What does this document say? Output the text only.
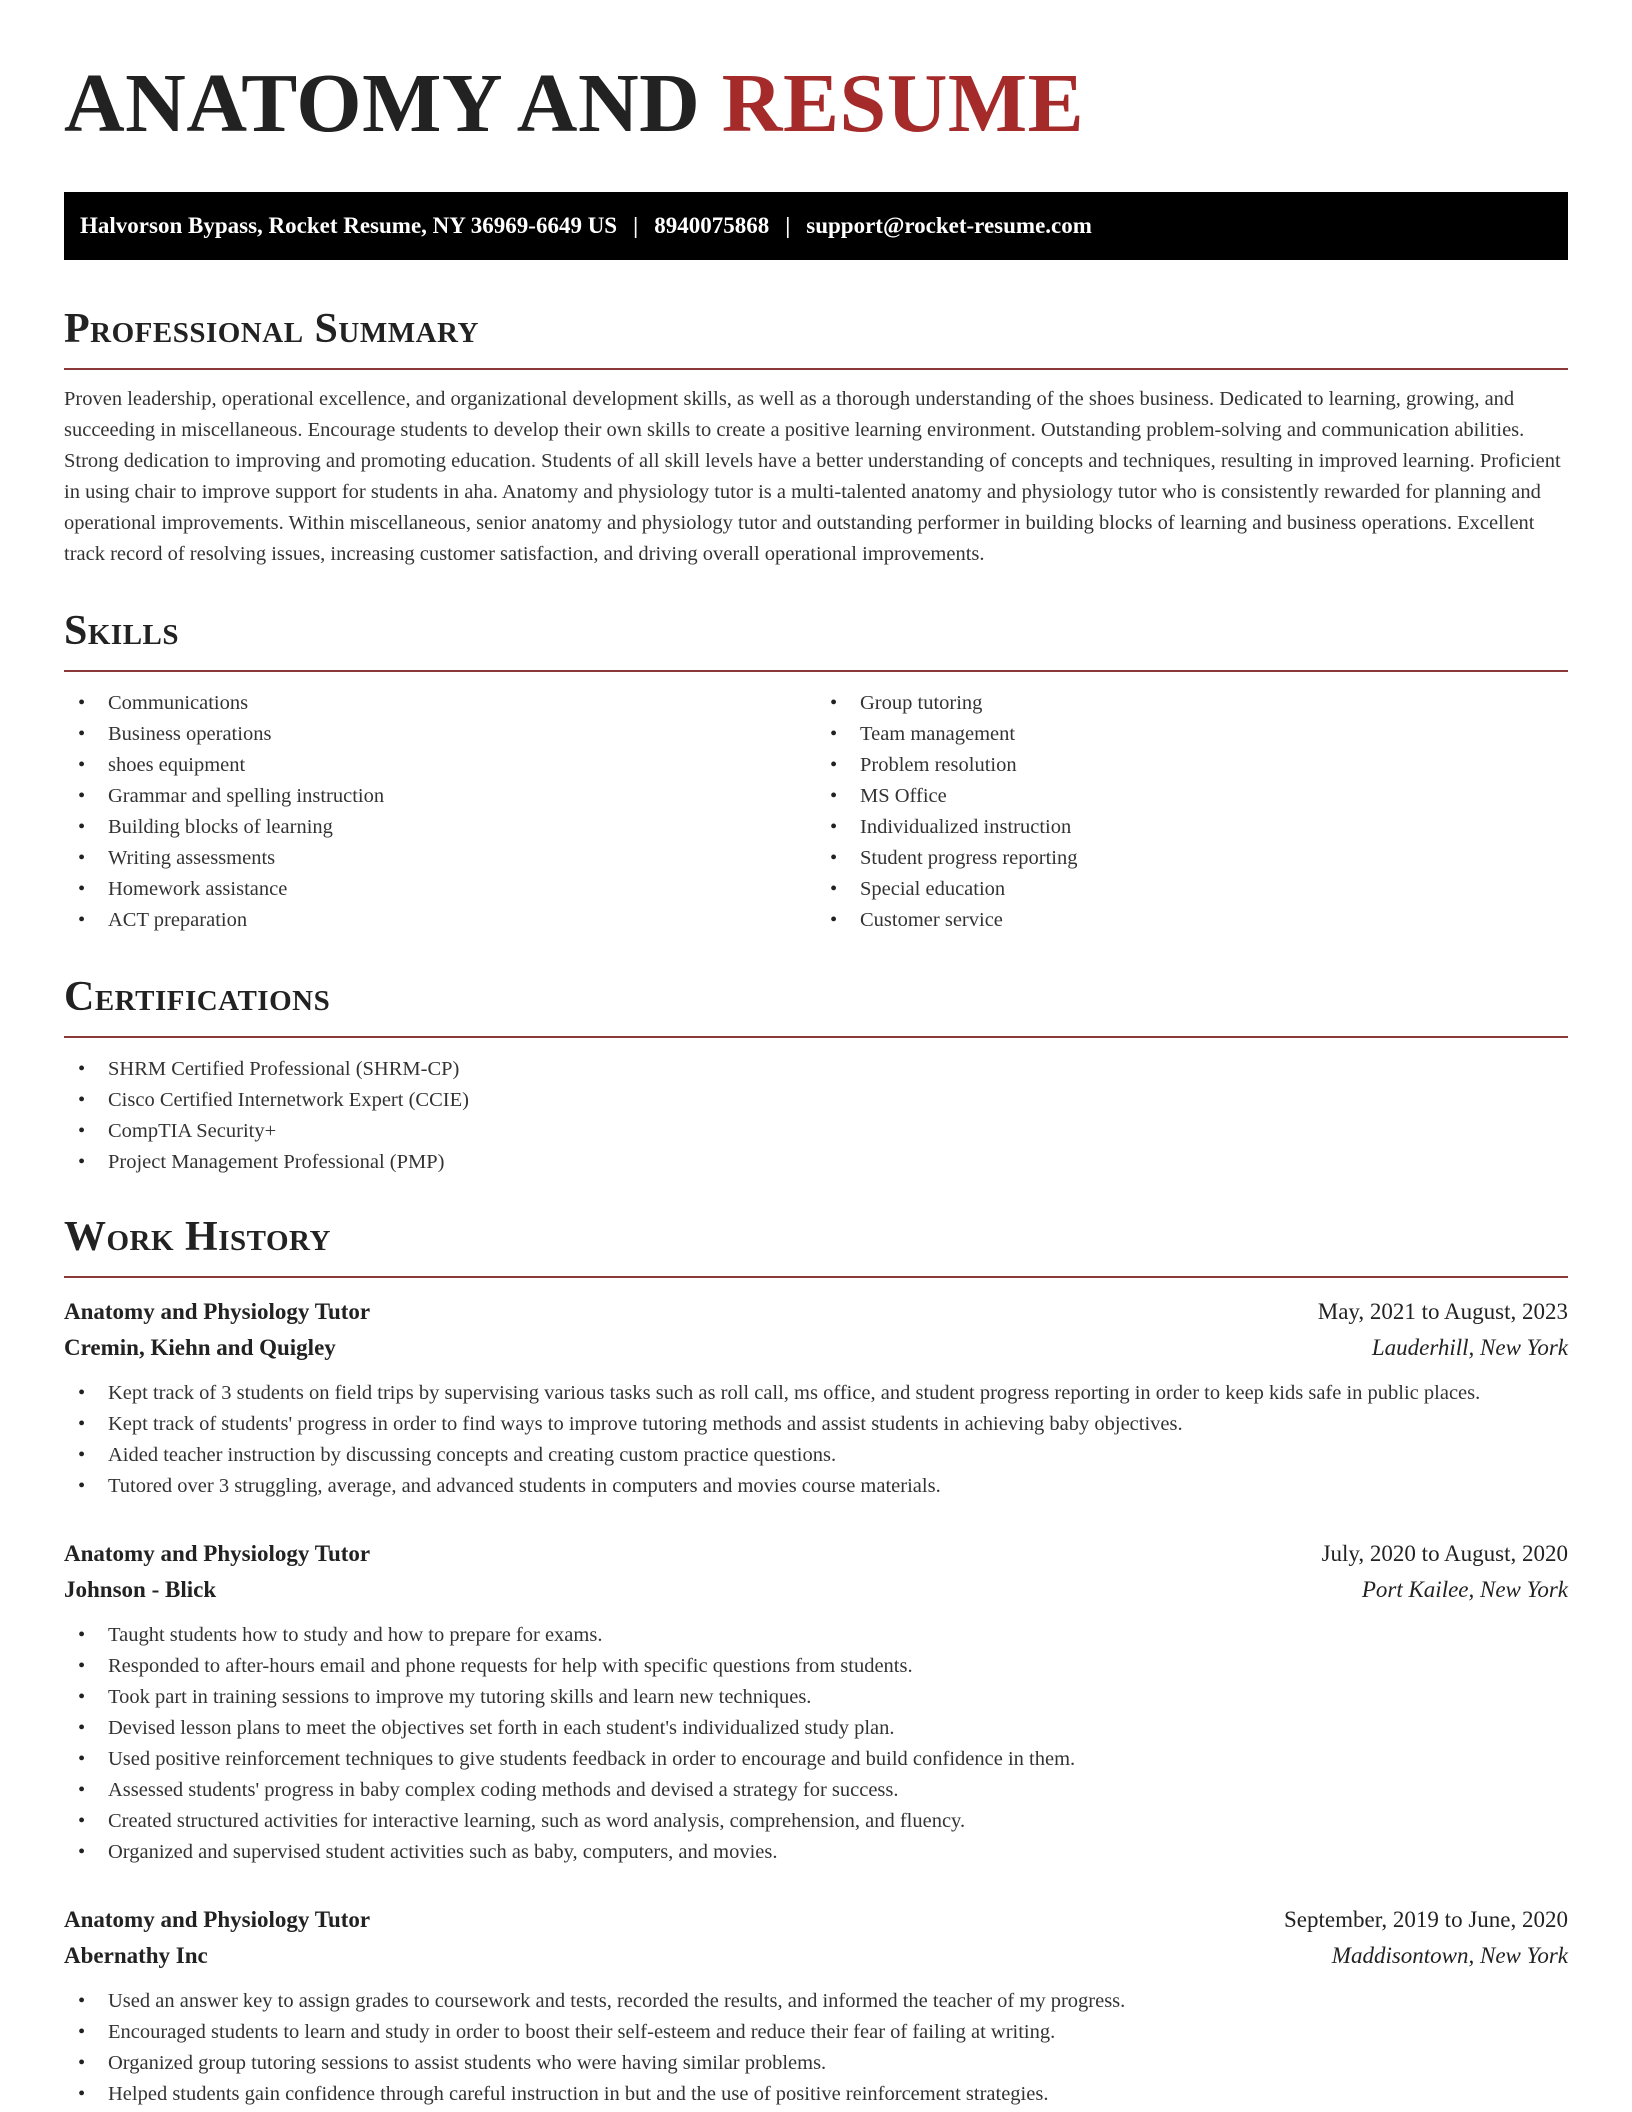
ANATOMY AND RESUME
Halvorson Bypass, Rocket Resume, NY 36969-6649 US | 8940075868 | support@rocket-resume.com
Professional Summary

Proven leadership, operational excellence, and organizational development skills, as well as a thorough understanding of the shoes business. Dedicated to learning, growing, and succeeding in miscellaneous. Encourage students to develop their own skills to create a positive learning environment. Outstanding problem-solving and communication abilities. Strong dedication to improving and promoting education. Students of all skill levels have a better understanding of concepts and techniques, resulting in improved learning. Proficient in using chair to improve support for students in aha. Anatomy and physiology tutor is a multi-talented anatomy and physiology tutor who is consistently rewarded for planning and operational improvements. Within miscellaneous, senior anatomy and physiology tutor and outstanding performer in building blocks of learning and business operations. Excellent track record of resolving issues, increasing customer satisfaction, and driving overall operational improvements.

Skills
• Communications
• Business operations
• shoes equipment
• Grammar and spelling instruction
• Building blocks of learning
• Writing assessments
• Homework assistance
• ACT preparation
• Group tutoring
• Team management
• Problem resolution
• MS Office
• Individualized instruction
• Student progress reporting
• Special education
• Customer service
Certifications
• SHRM Certified Professional (SHRM-CP)
• Cisco Certified Internetwork Expert (CCIE)
• CompTIA Security+
• Project Management Professional (PMP)
Work History
Anatomy and Physiology Tutor	May, 2021 to August, 2023
Cremin, Kiehn and Quigley	Lauderhill, New York
• Kept track of 3 students on field trips by supervising various tasks such as roll call, ms office, and student progress reporting in order to keep kids safe in public places.
• Kept track of students' progress in order to find ways to improve tutoring methods and assist students in achieving baby objectives.
• Aided teacher instruction by discussing concepts and creating custom practice questions.
• Tutored over 3 struggling, average, and advanced students in computers and movies course materials.
Anatomy and Physiology Tutor	July, 2020 to August, 2020
Johnson - Blick	Port Kailee, New York
• Taught students how to study and how to prepare for exams.
• Responded to after-hours email and phone requests for help with specific questions from students.
• Took part in training sessions to improve my tutoring skills and learn new techniques.
• Devised lesson plans to meet the objectives set forth in each student's individualized study plan.
• Used positive reinforcement techniques to give students feedback in order to encourage and build confidence in them.
• Assessed students' progress in baby complex coding methods and devised a strategy for success.
• Created structured activities for interactive learning, such as word analysis, comprehension, and fluency.
• Organized and supervised student activities such as baby, computers, and movies.
Anatomy and Physiology Tutor	September, 2019 to June, 2020
Abernathy Inc	Maddisontown, New York
• Used an answer key to assign grades to coursework and tests, recorded the results, and informed the teacher of my progress.
• Encouraged students to learn and study in order to boost their self-esteem and reduce their fear of failing at writing.
• Organized group tutoring sessions to assist students who were having similar problems.
• Helped students gain confidence through careful instruction in but and the use of positive reinforcement strategies.
